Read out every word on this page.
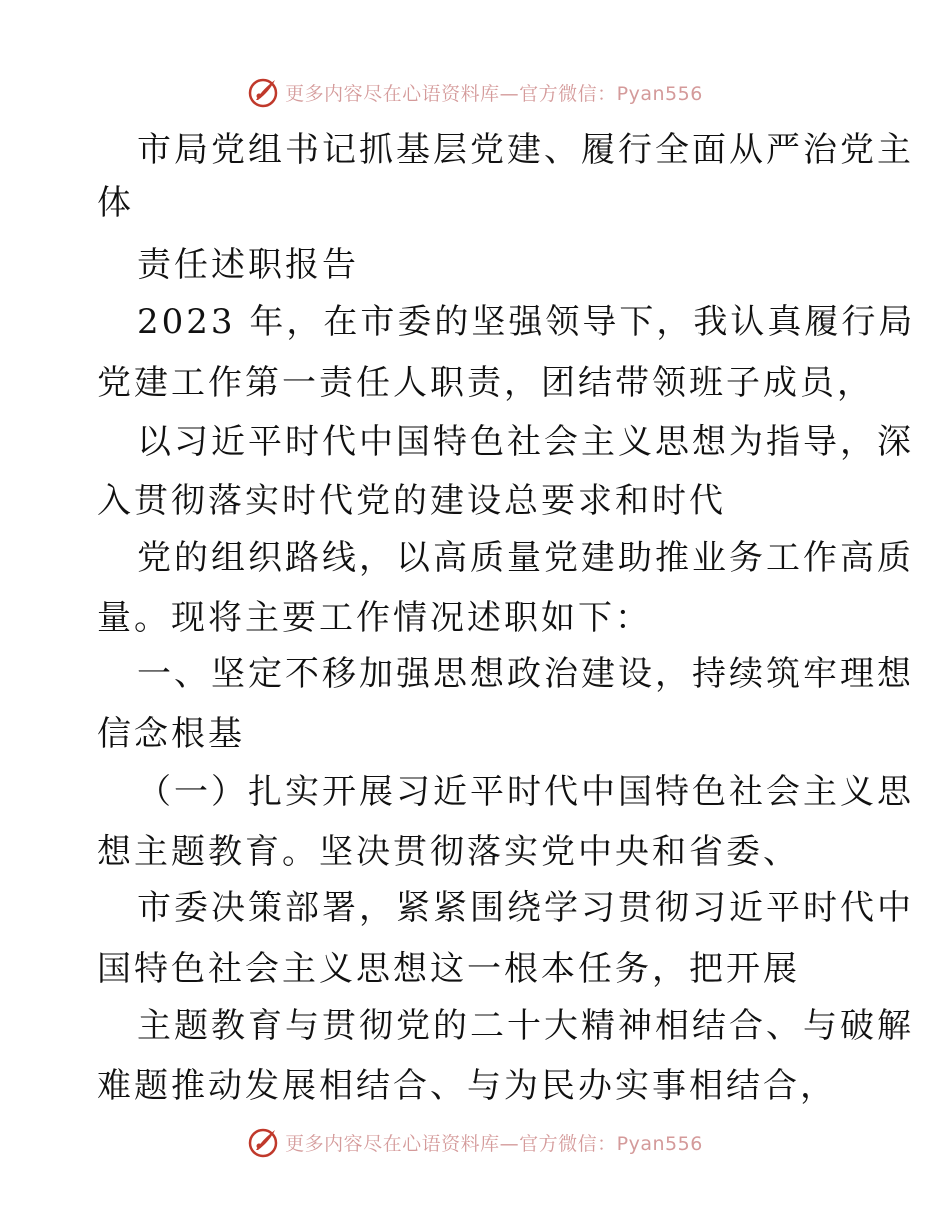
更多内容尽在心语资料库—官方微信：Pyan556
市局党组书记抓基层党建、履行全面从严治党主
体
责任述职报告
2023 年，在市委的坚强领导下，我认真履行局
党建工作第一责任人职责，团结带领班子成员，
以习近平时代中国特色社会主义思想为指导，深
入贯彻落实时代党的建设总要求和时代
党的组织路线，以高质量党建助推业务工作高质
量。现将主要工作情况述职如下：
一、坚定不移加强思想政治建设，持续筑牢理想
信念根基
（一）扎实开展习近平时代中国特色社会主义思
想主题教育。坚决贯彻落实党中央和省委、
市委决策部署，紧紧围绕学习贯彻习近平时代中
国特色社会主义思想这一根本任务，把开展
主题教育与贯彻党的二十大精神相结合、与破解
难题推动发展相结合、与为民办实事相结合，
更多内容尽在心语资料库—官方微信：Pyan556
